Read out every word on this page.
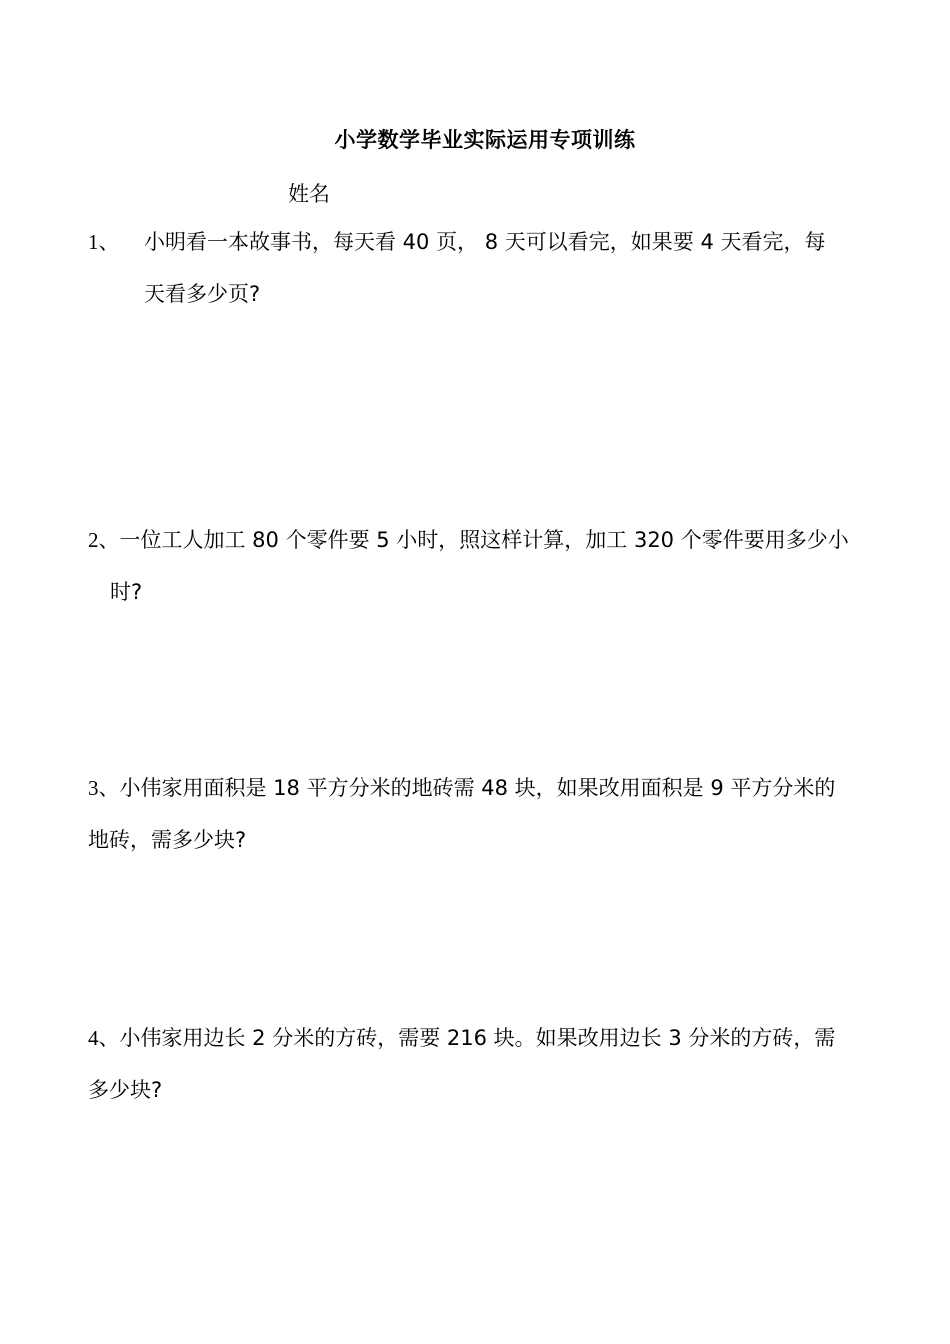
小学数学毕业实际运用专项训练
姓名
1、 小明看一本故事书，每天看 40 页， 8 天可以看完，如果要 4 天看完，每
天看多少页?
2、一位工人加工 80 个零件要 5 小时，照这样计算，加工 320 个零件要用多少小
时?
3、小伟家用面积是 18 平方分米的地砖需 48 块，如果改用面积是 9 平方分米的
地砖，需多少块?
4、小伟家用边长 2 分米的方砖，需要 216 块。如果改用边长 3 分米的方砖，需
多少块?
